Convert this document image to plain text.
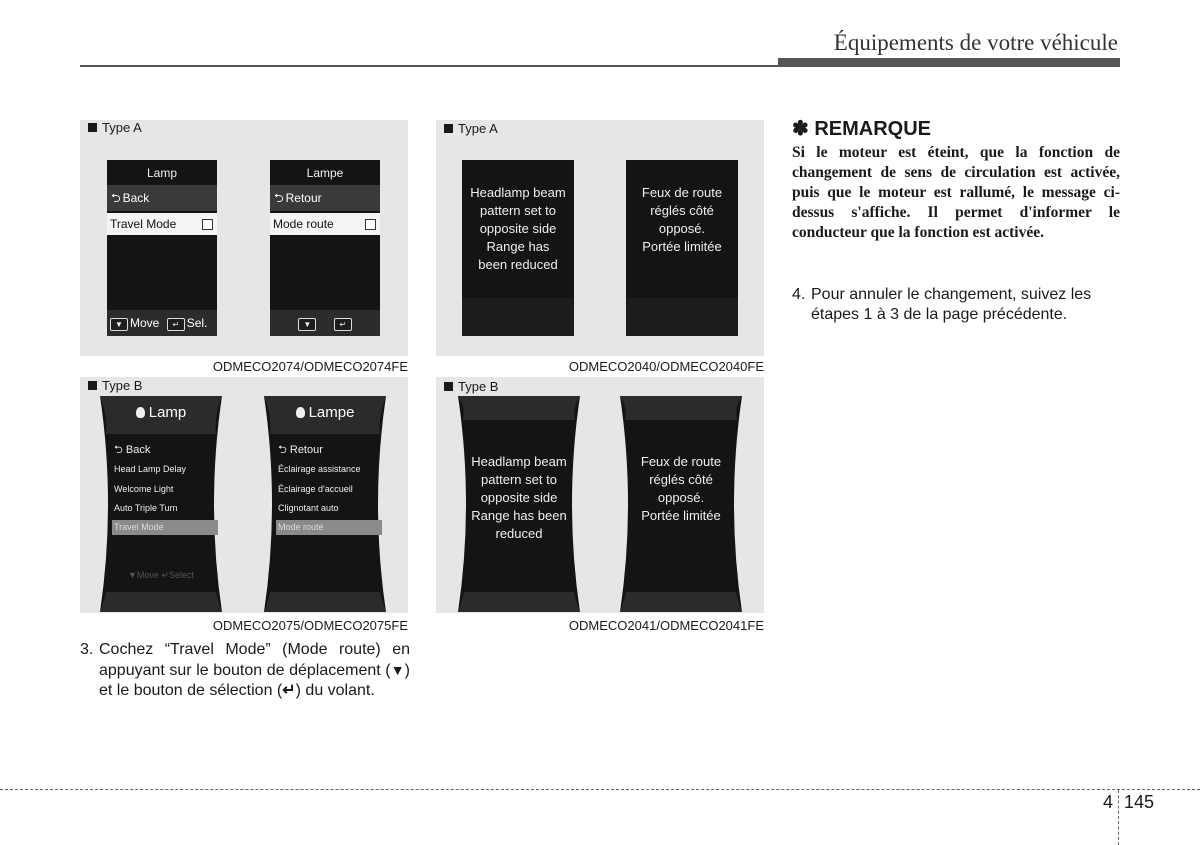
Équipements de votre véhicule
Type A
Lamp
⮌ Back
Travel Mode
▼ Move ↵ Sel.
Lampe
⮌ Retour
Mode route
▼	↵
ODMECO2074/ODMECO2074FE
Type A
Headlamp beam
pattern set to
opposite side
Range has
been reduced
Feux de route
réglés côté
opposé.
Portée limitée
ODMECO2040/ODMECO2040FE
Type B
Lamp
⮌ Back
Head Lamp Delay
Welcome Light
Auto Triple Turn
Travel Mode
▼Move ↵Select
Lampe
⮌ Retour
Éclairage assistance
Éclairage d'accueil
Clignotant auto
Mode route
ODMECO2075/ODMECO2075FE
Type B
Headlamp beam
pattern set to
opposite side
Range has been
reduced
Feux de route
réglés côté
opposé.
Portée limitée
ODMECO2041/ODMECO2041FE
3. Cochez “Travel Mode” (Mode route) en appuyant sur le bouton de déplacement (▼) et le bouton de sélection (↵) du volant.
✽ REMARQUE
Si le moteur est éteint, que la fonction de changement de sens de circulation est activée, puis que le moteur est rallumé, le message ci-dessus s'affiche. Il permet d'informer le conducteur que la fonction est activée.
4. Pour annuler le changement, suivez les étapes 1 à 3 de la page précédente.
4 145
